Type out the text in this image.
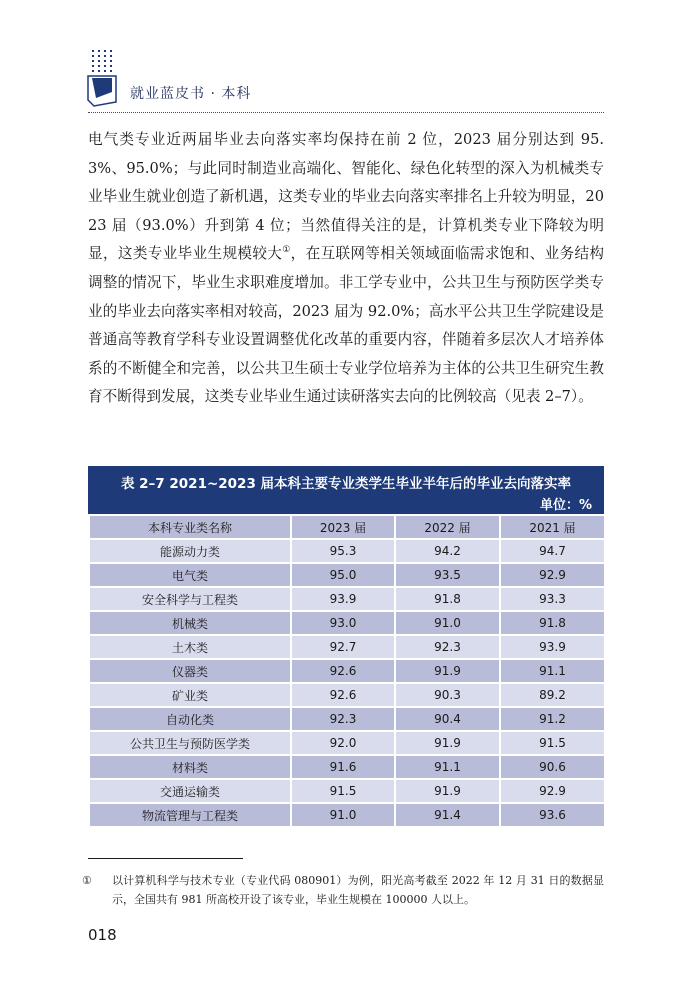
就业蓝皮书 · 本科

电气类专业近两届毕业去向落实率均保持在前 2 位，2023 届分别达到 95.3%、95.0%；与此同时制造业高端化、智能化、绿色化转型的深入为机械类专业毕业生就业创造了新机遇，这类专业的毕业去向落实率排名上升较为明显，2023 届（93.0%）升到第 4 位；当然值得关注的是，计算机类专业下降较为明显，这类专业毕业生规模较大①，在互联网等相关领域面临需求饱和、业务结构调整的情况下，毕业生求职难度增加。非工学专业中，公共卫生与预防医学类专业的毕业去向落实率相对较高，2023 届为 92.0%；高水平公共卫生学院建设是普通高等教育学科专业设置调整优化改革的重要内容，伴随着多层次人才培养体系的不断健全和完善，以公共卫生硕士专业学位培养为主体的公共卫生研究生教育不断得到发展，这类专业毕业生通过读研落实去向的比例较高（见表 2–7）。

表 2–7 2021~2023 届本科主要专业类学生毕业半年后的毕业去向落实率
单位：%
本科专业类名称	2023 届	2022 届	2021 届
能源动力类	95.3	94.2	94.7
电气类	95.0	93.5	92.9
安全科学与工程类	93.9	91.8	93.3
机械类	93.0	91.0	91.8
土木类	92.7	92.3	93.9
仪器类	92.6	91.9	91.1
矿业类	92.6	90.3	89.2
自动化类	92.3	90.4	91.2
公共卫生与预防医学类	92.0	91.9	91.5
材料类	91.6	91.1	90.6
交通运输类	91.5	91.9	92.9
物流管理与工程类	91.0	91.4	93.6
① 以计算机科学与技术专业（专业代码 080901）为例，阳光高考截至 2022 年 12 月 31 日的数据显示，全国共有 981 所高校开设了该专业，毕业生规模在 100000 人以上。
018
